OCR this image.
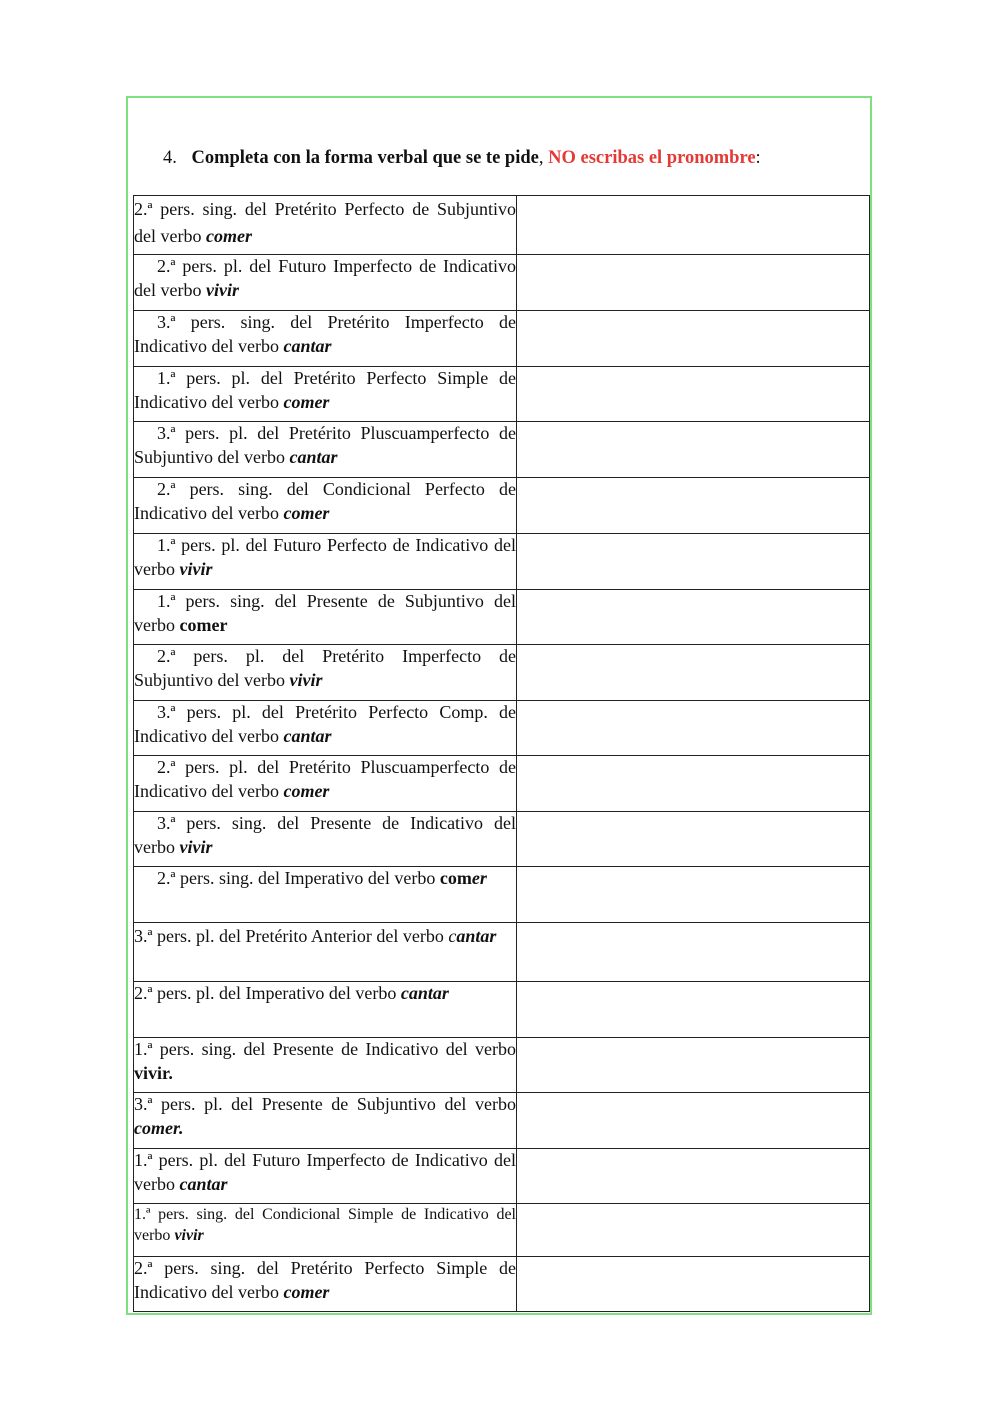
4. Completa con la forma verbal que se te pide, NO escribas el pronombre:
2.ª pers. sing. del Pretérito Perfecto de Subjuntivo del verbo comer	
2.ª pers. pl. del Futuro Imperfecto de Indicativo del verbo vivir	
3.ª pers. sing. del Pretérito Imperfecto de Indicativo del verbo cantar	
1.ª pers. pl. del Pretérito Perfecto Simple de Indicativo del verbo comer	
3.ª pers. pl. del Pretérito Pluscuamperfecto de Subjuntivo del verbo cantar	
2.ª pers. sing. del Condicional Perfecto de Indicativo del verbo comer	
1.ª pers. pl. del Futuro Perfecto de Indicativo del verbo vivir	
1.ª pers. sing. del Presente de Subjuntivo del verbo comer	
2.ª pers. pl. del Pretérito Imperfecto de Subjuntivo del verbo vivir	
3.ª pers. pl. del Pretérito Perfecto Comp. de Indicativo del verbo cantar	
2.ª pers. pl. del Pretérito Pluscuamperfecto de Indicativo del verbo comer	
3.ª pers. sing. del Presente de Indicativo del verbo vivir	
2.ª pers. sing. del Imperativo del verbo comer	
3.ª pers. pl. del Pretérito Anterior del verbo cantar	
2.ª pers. pl. del Imperativo del verbo cantar	
1.ª pers. sing. del Presente de Indicativo del verbo vivir.	
3.ª pers. pl. del Presente de Subjuntivo del verbo comer.	
1.ª pers. pl. del Futuro Imperfecto de Indicativo del verbo cantar	
1.ª pers. sing. del Condicional Simple de Indicativo del verbo vivir	
2.ª pers. sing. del Pretérito Perfecto Simple de Indicativo del verbo comer	
